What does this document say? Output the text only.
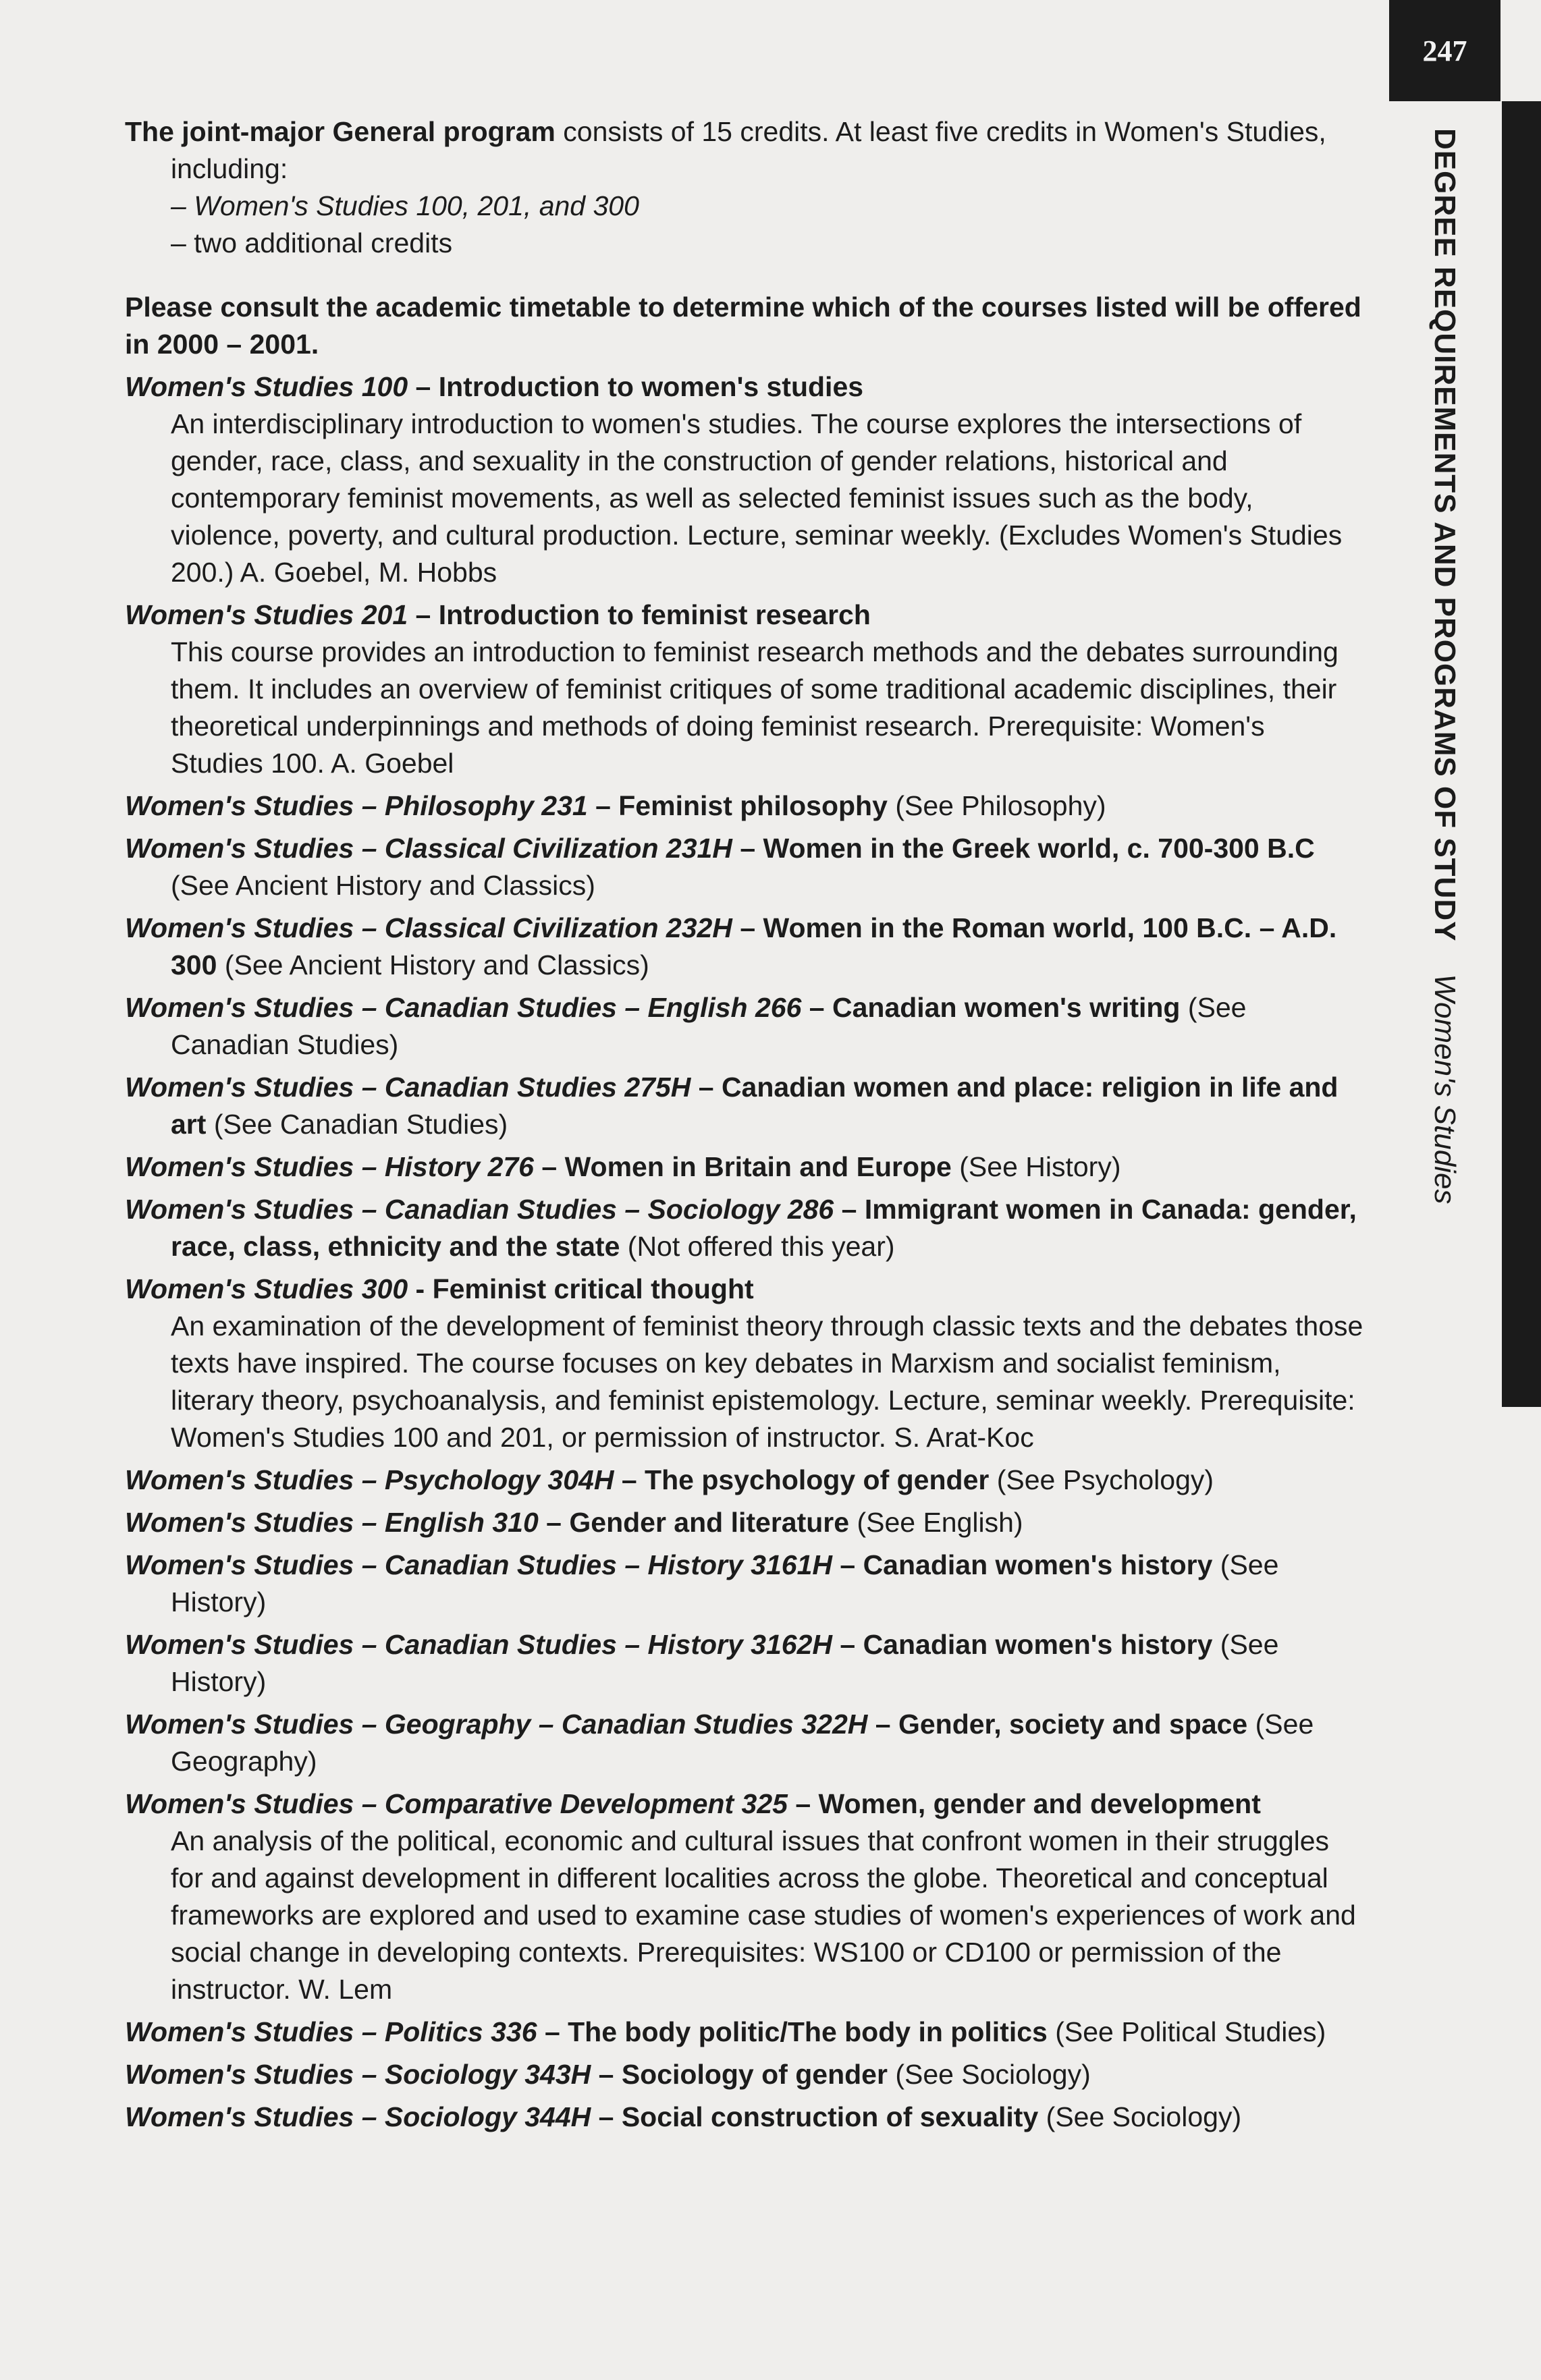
247
DEGREE REQUIREMENTS AND PROGRAMS OF STUDY
Women's Studies
The joint-major General program consists of 15 credits. At least five credits in Women's Studies, including:
– Women's Studies 100, 201, and 300
– two additional credits
Please consult the academic timetable to determine which of the courses listed will be offered in 2000 – 2001.
Women's Studies 100 – Introduction to women's studies
An interdisciplinary introduction to women's studies. The course explores the intersections of gender, race, class, and sexuality in the construction of gender relations, historical and contemporary feminist movements, as well as selected feminist issues such as the body, violence, poverty, and cultural production. Lecture, seminar weekly. (Excludes Women's Studies 200.) A. Goebel, M. Hobbs
Women's Studies 201 – Introduction to feminist research
This course provides an introduction to feminist research methods and the debates surrounding them. It includes an overview of feminist critiques of some traditional academic disciplines, their theoretical underpinnings and methods of doing feminist research. Prerequisite: Women's Studies 100. A. Goebel
Women's Studies – Philosophy 231 – Feminist philosophy (See Philosophy)
Women's Studies – Classical Civilization 231H – Women in the Greek world, c. 700-300 B.C(See Ancient History and Classics)
Women's Studies – Classical Civilization 232H – Women in the Roman world, 100 B.C. – A.D. 300 (See Ancient History and Classics)
Women's Studies – Canadian Studies – English 266 – Canadian women's writing (See Canadian Studies)
Women's Studies – Canadian Studies 275H – Canadian women and place: religion in life and art (See Canadian Studies)
Women's Studies – History 276 – Women in Britain and Europe (See History)
Women's Studies – Canadian Studies – Sociology 286 – Immigrant women in Canada: gender, race, class, ethnicity and the state (Not offered this year)
Women's Studies 300 - Feminist critical thought
An examination of the development of feminist theory through classic texts and the debates those texts have inspired. The course focuses on key debates in Marxism and socialist feminism, literary theory, psychoanalysis, and feminist epistemology. Lecture, seminar weekly. Prerequisite: Women's Studies 100 and 201, or permission of instructor. S. Arat-Koc
Women's Studies – Psychology 304H – The psychology of gender (See Psychology)
Women's Studies – English 310 – Gender and literature (See English)
Women's Studies – Canadian Studies – History 3161H – Canadian women's history (See History)
Women's Studies – Canadian Studies – History 3162H – Canadian women's history (See History)
Women's Studies – Geography – Canadian Studies 322H – Gender, society and space (See Geography)
Women's Studies – Comparative Development 325 – Women, gender and development
An analysis of the political, economic and cultural issues that confront women in their struggles for and against development in different localities across the globe. Theoretical and conceptual frameworks are explored and used to examine case studies of women's experiences of work and social change in developing contexts. Prerequisites: WS100 or CD100 or permission of the instructor. W. Lem
Women's Studies – Politics 336 – The body politic/The body in politics (See Political Studies)
Women's Studies – Sociology 343H – Sociology of gender (See Sociology)
Women's Studies – Sociology 344H – Social construction of sexuality (See Sociology)
